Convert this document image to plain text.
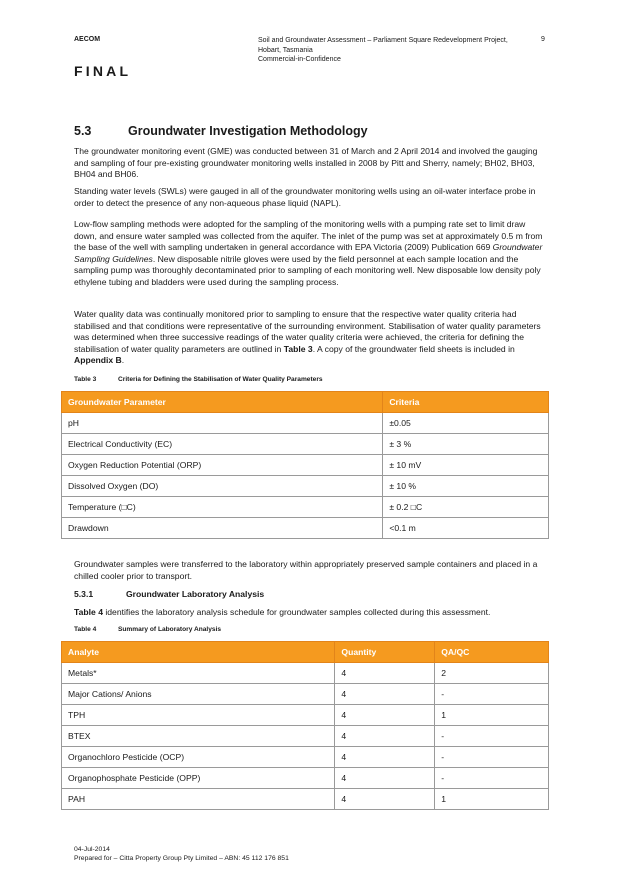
AECOM	Soil and Groundwater Assessment – Parliament Square Redevelopment Project,
Hobart, Tasmania
Commercial-in-Confidence
9
FINAL
5.3	Groundwater Investigation Methodology

The groundwater monitoring event (GME) was conducted between 31 of March and 2 April 2014 and involved the gauging and sampling of four pre-existing groundwater monitoring wells installed in 2008 by Pitt and Sherry, namely; BH02, BH03, BH04 and BH06.

Standing water levels (SWLs) were gauged in all of the groundwater monitoring wells using an oil-water interface probe in order to detect the presence of any non-aqueous phase liquid (NAPL).

Low-flow sampling methods were adopted for the sampling of the monitoring wells with a pumping rate set to limit draw down, and ensure water sampled was collected from the aquifer. The inlet of the pump was set at approximately 0.5 m from the base of the well with sampling undertaken in general accordance with EPA Victoria (2009) Publication 669 Groundwater Sampling Guidelines. New disposable nitrile gloves were used by the field personnel at each sample location and the sampling pump was thoroughly decontaminated prior to sampling of each monitoring well. New disposable low density poly ethylene tubing and bladders were used during the sampling process.

Water quality data was continually monitored prior to sampling to ensure that the respective water quality criteria had stabilised and that conditions were representative of the surrounding environment. Stabilisation of water quality parameters was determined when three successive readings of the water quality criteria were achieved, the criteria for defining the stabilisation of water quality parameters are outlined in Table 3. A copy of the groundwater field sheets is included in Appendix B.

Table 3	Criteria for Defining the Stabilisation of Water Quality Parameters
Groundwater Parameter	Criteria
pH	±0.05
Electrical Conductivity (EC)	± 3 %
Oxygen Reduction Potential (ORP)	± 10 mV
Dissolved Oxygen (DO)	± 10 %
Temperature (□C)	± 0.2 □C
Drawdown	<0.1 m

Groundwater samples were transferred to the laboratory within appropriately preserved sample containers and placed in a chilled cooler prior to transport.

5.3.1	Groundwater Laboratory Analysis

Table 4 identifies the laboratory analysis schedule for groundwater samples collected during this assessment.

Table 4	Summary of Laboratory Analysis
Analyte	Quantity	QA/QC
Metals*	4	2
Major Cations/ Anions	4	-
TPH	4	1
BTEX	4	-
Organochloro Pesticide (OCP)	4	-
Organophosphate Pesticide (OPP)	4	-
PAH	4	1
04-Jul-2014
Prepared for – Citta Property Group Pty Limited – ABN: 45 112 176 851
